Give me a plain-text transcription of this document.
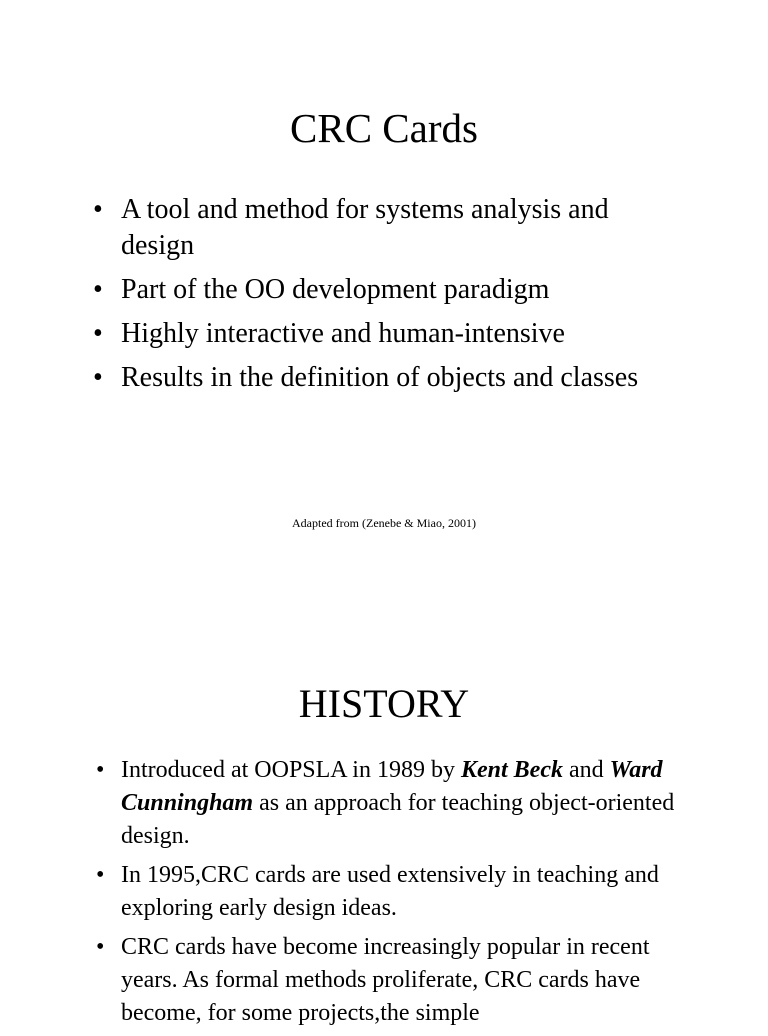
CRC Cards
• A tool and method for systems analysis and design
• Part of the OO development paradigm
• Highly interactive and human-intensive
• Results in the definition of objects and classes
Adapted from (Zenebe & Miao, 2001)
HISTORY
• Introduced at OOPSLA in 1989 by Kent Beck and Ward Cunningham as an approach for teaching object-oriented design.
• In 1995,CRC cards are used extensively in teaching and  exploring early design ideas.
• CRC cards have become increasingly popular in recent years. As formal methods proliferate, CRC cards have become, for some projects,the simple
